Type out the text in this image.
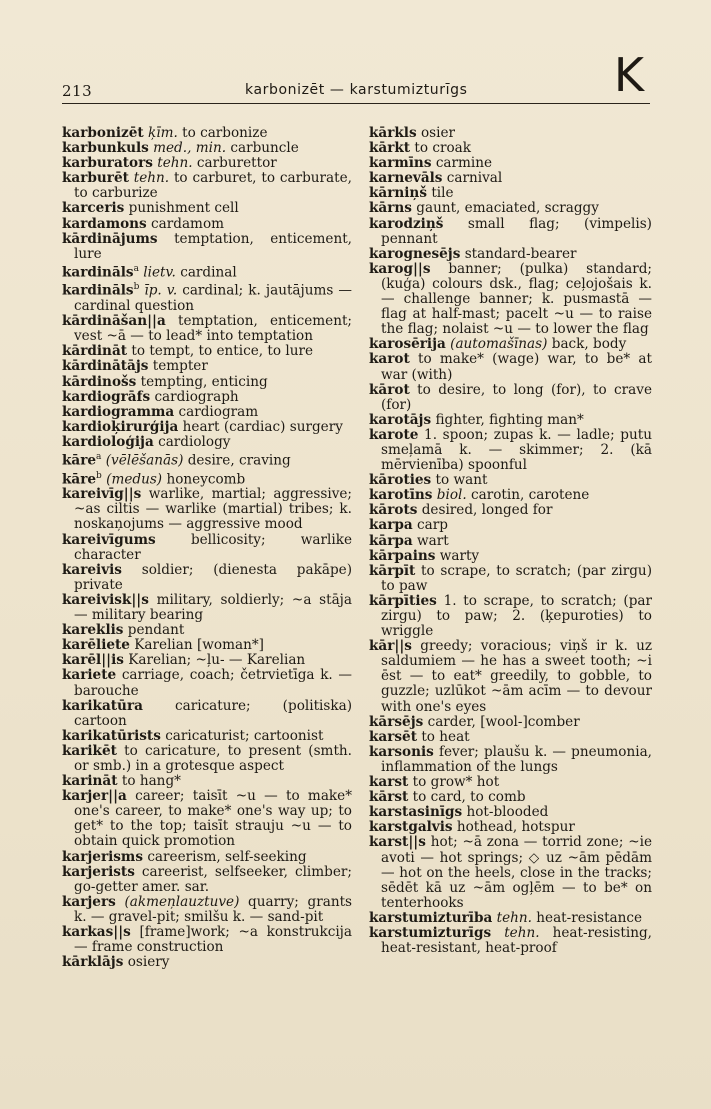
213	karbonizēt — karstumizturīgs	K

karbonizēt ķīm. to carbonize

karbunkuls med., min. carbuncle

karburators tehn. carburettor

karburēt tehn. to carburet, to carburate, to carburize

karceris punishment cell

kardamons cardamom

kārdinājums temptation, enticement, lure

kardināls$^a$ lietv. cardinal

kardināls$^b$ īp. v. cardinal; k. jautājums — cardinal question

kārdināšan||a temptation, enticement; vest ~ā — to lead* into temptation

kārdināt to tempt, to entice, to lure

kārdinātājs tempter

kārdinošs tempting, enticing

kardiogrāfs cardiograph

kardiogramma cardiogram

kardioķirurģija heart (cardiac) surgery

kardioloģija cardiology

kāre$^a$ (vēlēšanās) desire, craving

kāre$^b$ (medus) honeycomb

kareivīg||s warlike, martial; aggressive; ~as ciltis — warlike (martial) tribes; k. noskaņojums — aggressive mood

kareivīgums	bellicosity; warlike character

kareivis soldier; (dienesta pakāpe) private

kareivisk||s military, soldierly; ~a stāja — military bearing

kareklis pendant

karēliete Karelian [woman*]

karēl||is Karelian; ~ļu- — Karelian

kariete carriage, coach; četrvietīga k. — barouche

karikatūra caricature; (politiska) cartoon

karikatūrists caricaturist; cartoonist

karikēt to caricature, to present (smth. or smb.) in a grotesque aspect

karināt to hang*

karjer||a career; taisīt ~u — to make* one's career, to make* one's way up; to get* to the top; taisīt strauju ~u — to obtain quick promotion

karjerisms careerism, self-seeking

karjerists careerist, selfseeker, climber; go-getter amer. sar.

karjers (akmeņlauztuve) quarry; grants k. — gravel-pit; smilšu k. — sand-pit

karkas||s [frame]work; ~a konstrukcija — frame construction

kārklājs osiery

kārkls osier

kārkt to croak

karmīns carmine

karnevāls carnival

kārniņš tile

kārns gaunt, emaciated, scraggy

karodziņš small flag; (vimpelis) pennant

karognesējs standard-bearer

karog||s banner; (pulka) standard; (kuģa) colours dsk., flag; ceļojošais k. — challenge banner; k. pusmastā — flag at half-mast; pacelt ~u — to raise the flag; nolaist ~u — to lower the flag

karosērija (automašīnas) back, body

karot to make* (wage) war, to be* at war (with)

kārot to desire, to long (for), to crave (for)

karotājs fighter, fighting man*

karote 1. spoon; zupas k. — ladle; putu smeļamā k. — skimmer; 2. (kā mērvienība) spoonful

kāroties to want

karotīns biol. carotin, carotene

kārots desired, longed for

karpa carp

kārpa wart

kārpains warty

kārpīt to scrape, to scratch; (par zirgu) to paw

kārpīties 1. to scrape, to scratch; (par zirgu) to paw; 2. (ķepuroties) to wriggle

kār||s greedy; voracious; viņš ir k. uz saldumiem — he has a sweet tooth; ~i ēst — to eat* greedily, to gobble, to guzzle; uzlūkot ~ām acīm — to devour with one's eyes

kārsējs carder, [wool-]comber

karsēt to heat

karsonis fever; plaušu k. — pneumonia, inflammation of the lungs

karst to grow* hot

kārst to card, to comb

karstasinīgs hot-blooded

karstgalvis hothead, hotspur

karst||s hot; ~ā zona — torrid zone; ~ie avoti — hot springs; ◇ uz ~ām pēdām — hot on the heels, close in the tracks; sēdēt kā uz ~ām ogļēm — to be* on tenterhooks

karstumizturība tehn. heat-resistance

karstumizturīgs tehn. heat-resisting, heat-resistant, heat-proof
